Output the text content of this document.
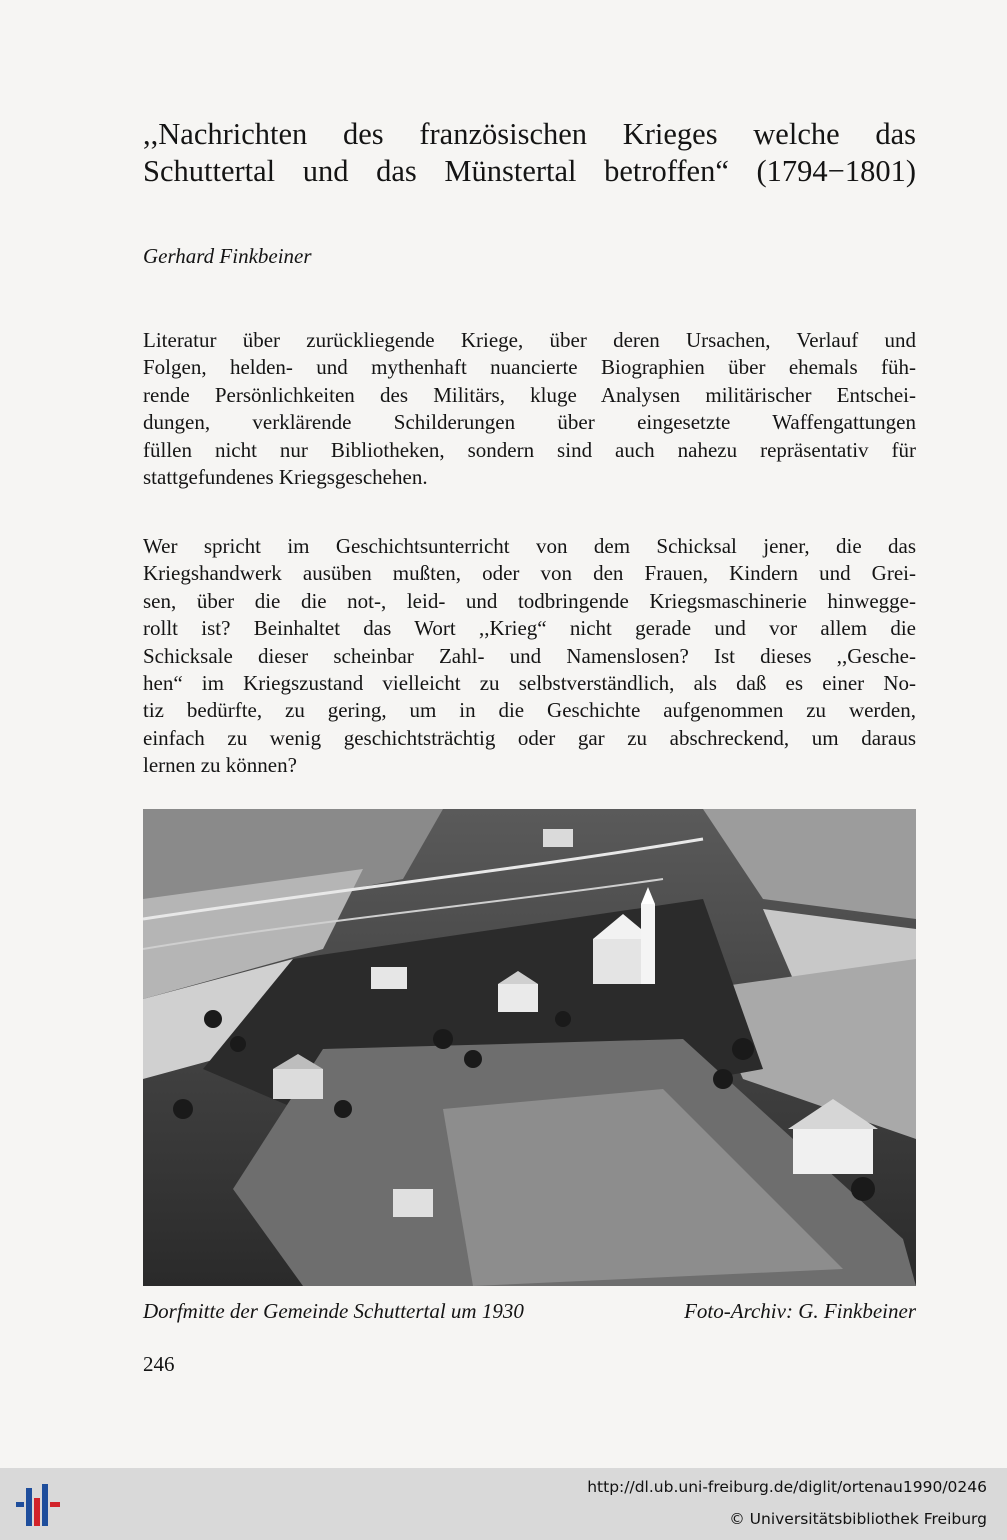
,,Nachrichten des französischen Krieges welche das
Schuttertal und das Münstertal betroffen“ (1794−1801)

Gerhard Finkbeiner

Literatur über zurückliegende Kriege, über deren Ursachen, Verlauf und
Folgen, helden- und mythenhaft nuancierte Biographien über ehemals füh-
rende Persönlichkeiten des Militärs, kluge Analysen militärischer Entschei-
dungen, verklärende Schilderungen über eingesetzte Waffengattungen
füllen nicht nur Bibliotheken, sondern sind auch nahezu repräsentativ für
stattgefundenes Kriegsgeschehen.

Wer spricht im Geschichtsunterricht von dem Schicksal jener, die das
Kriegshandwerk ausüben mußten, oder von den Frauen, Kindern und Grei-
sen, über die die not-, leid- und todbringende Kriegsmaschinerie hinwegge-
rollt ist? Beinhaltet das Wort ,,Krieg“ nicht gerade und vor allem die
Schicksale dieser scheinbar Zahl- und Namenslosen? Ist dieses ,,Gesche-
hen“ im Kriegszustand vielleicht zu selbstverständlich, als daß es einer No-
tiz bedürfte, zu gering, um in die Geschichte aufgenommen zu werden,
einfach zu wenig geschichtsträchtig oder gar zu abschreckend, um daraus
lernen zu können?

Dorfmitte der Gemeinde Schuttertal um 1930	Foto-Archiv: G. Finkbeiner
246
http://dl.ub.uni-freiburg.de/diglit/ortenau1990/0246
© Universitätsbibliothek Freiburg
